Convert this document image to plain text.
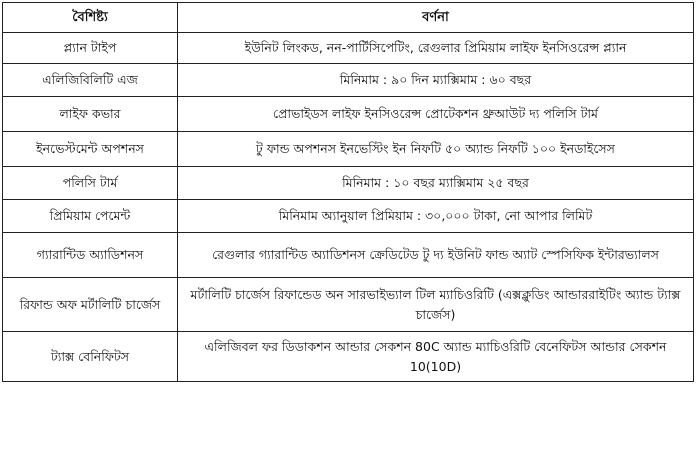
বৈশিষ্ট্য	বর্ণনা
প্ল্যান টাইপ	ইউনিট লিংকড, নন-পার্টিসিপেটিং, রেগুলার প্রিমিয়াম লাইফ ইনসিওরেন্স প্ল্যান
এলিজিবিলিটি এজ	মিনিমাম : ৯০ দিন ম্যাক্সিমাম : ৬০ বছর
লাইফ কভার	প্রোভাইডস লাইফ ইনসিওরেন্স প্রোটেকশন থ্রুআউট দ্য পলিসি টার্ম
ইনভেস্টমেন্ট অপশনস	টু ফান্ড অপশনস ইনভেস্টিং ইন নিফটি ৫০ অ্যান্ড নিফটি ১০০ ইনডাইসেস
পলিসি টার্ম	মিনিমাম : ১০ বছর ম্যাক্সিমাম ২৫ বছর
প্রিমিয়াম পেমেন্ট	মিনিমাম অ্যানুয়াল প্রিমিয়াম : ৩০,০০০ টাকা, নো আপার লিমিট
গ্যারান্টিড অ্যাডিশনস	রেগুলার গ্যারান্টিড অ্যাডিশনস ক্রেডিটেড টু দ্য ইউনিট ফান্ড অ্যাট স্পেসিফিক ইন্টারভ্যালস
রিফান্ড অফ মর্টালিটি চার্জেস	মর্টালিটি চার্জেস রিফান্ডেড অন সারভাইভ্যাল টিল ম্যাচিওরিটি (এক্সক্লুডিং আন্ডাররাইটিং অ্যান্ড ট্যাক্স চার্জেস)
ট্যাক্স বেনিফিটস	এলিজিবল ফর ডিডাকশন আন্ডার সেকশন 80C অ্যান্ড ম্যাচিওরিটি বেনেফিটস আন্ডার সেকশন 10(10D)
